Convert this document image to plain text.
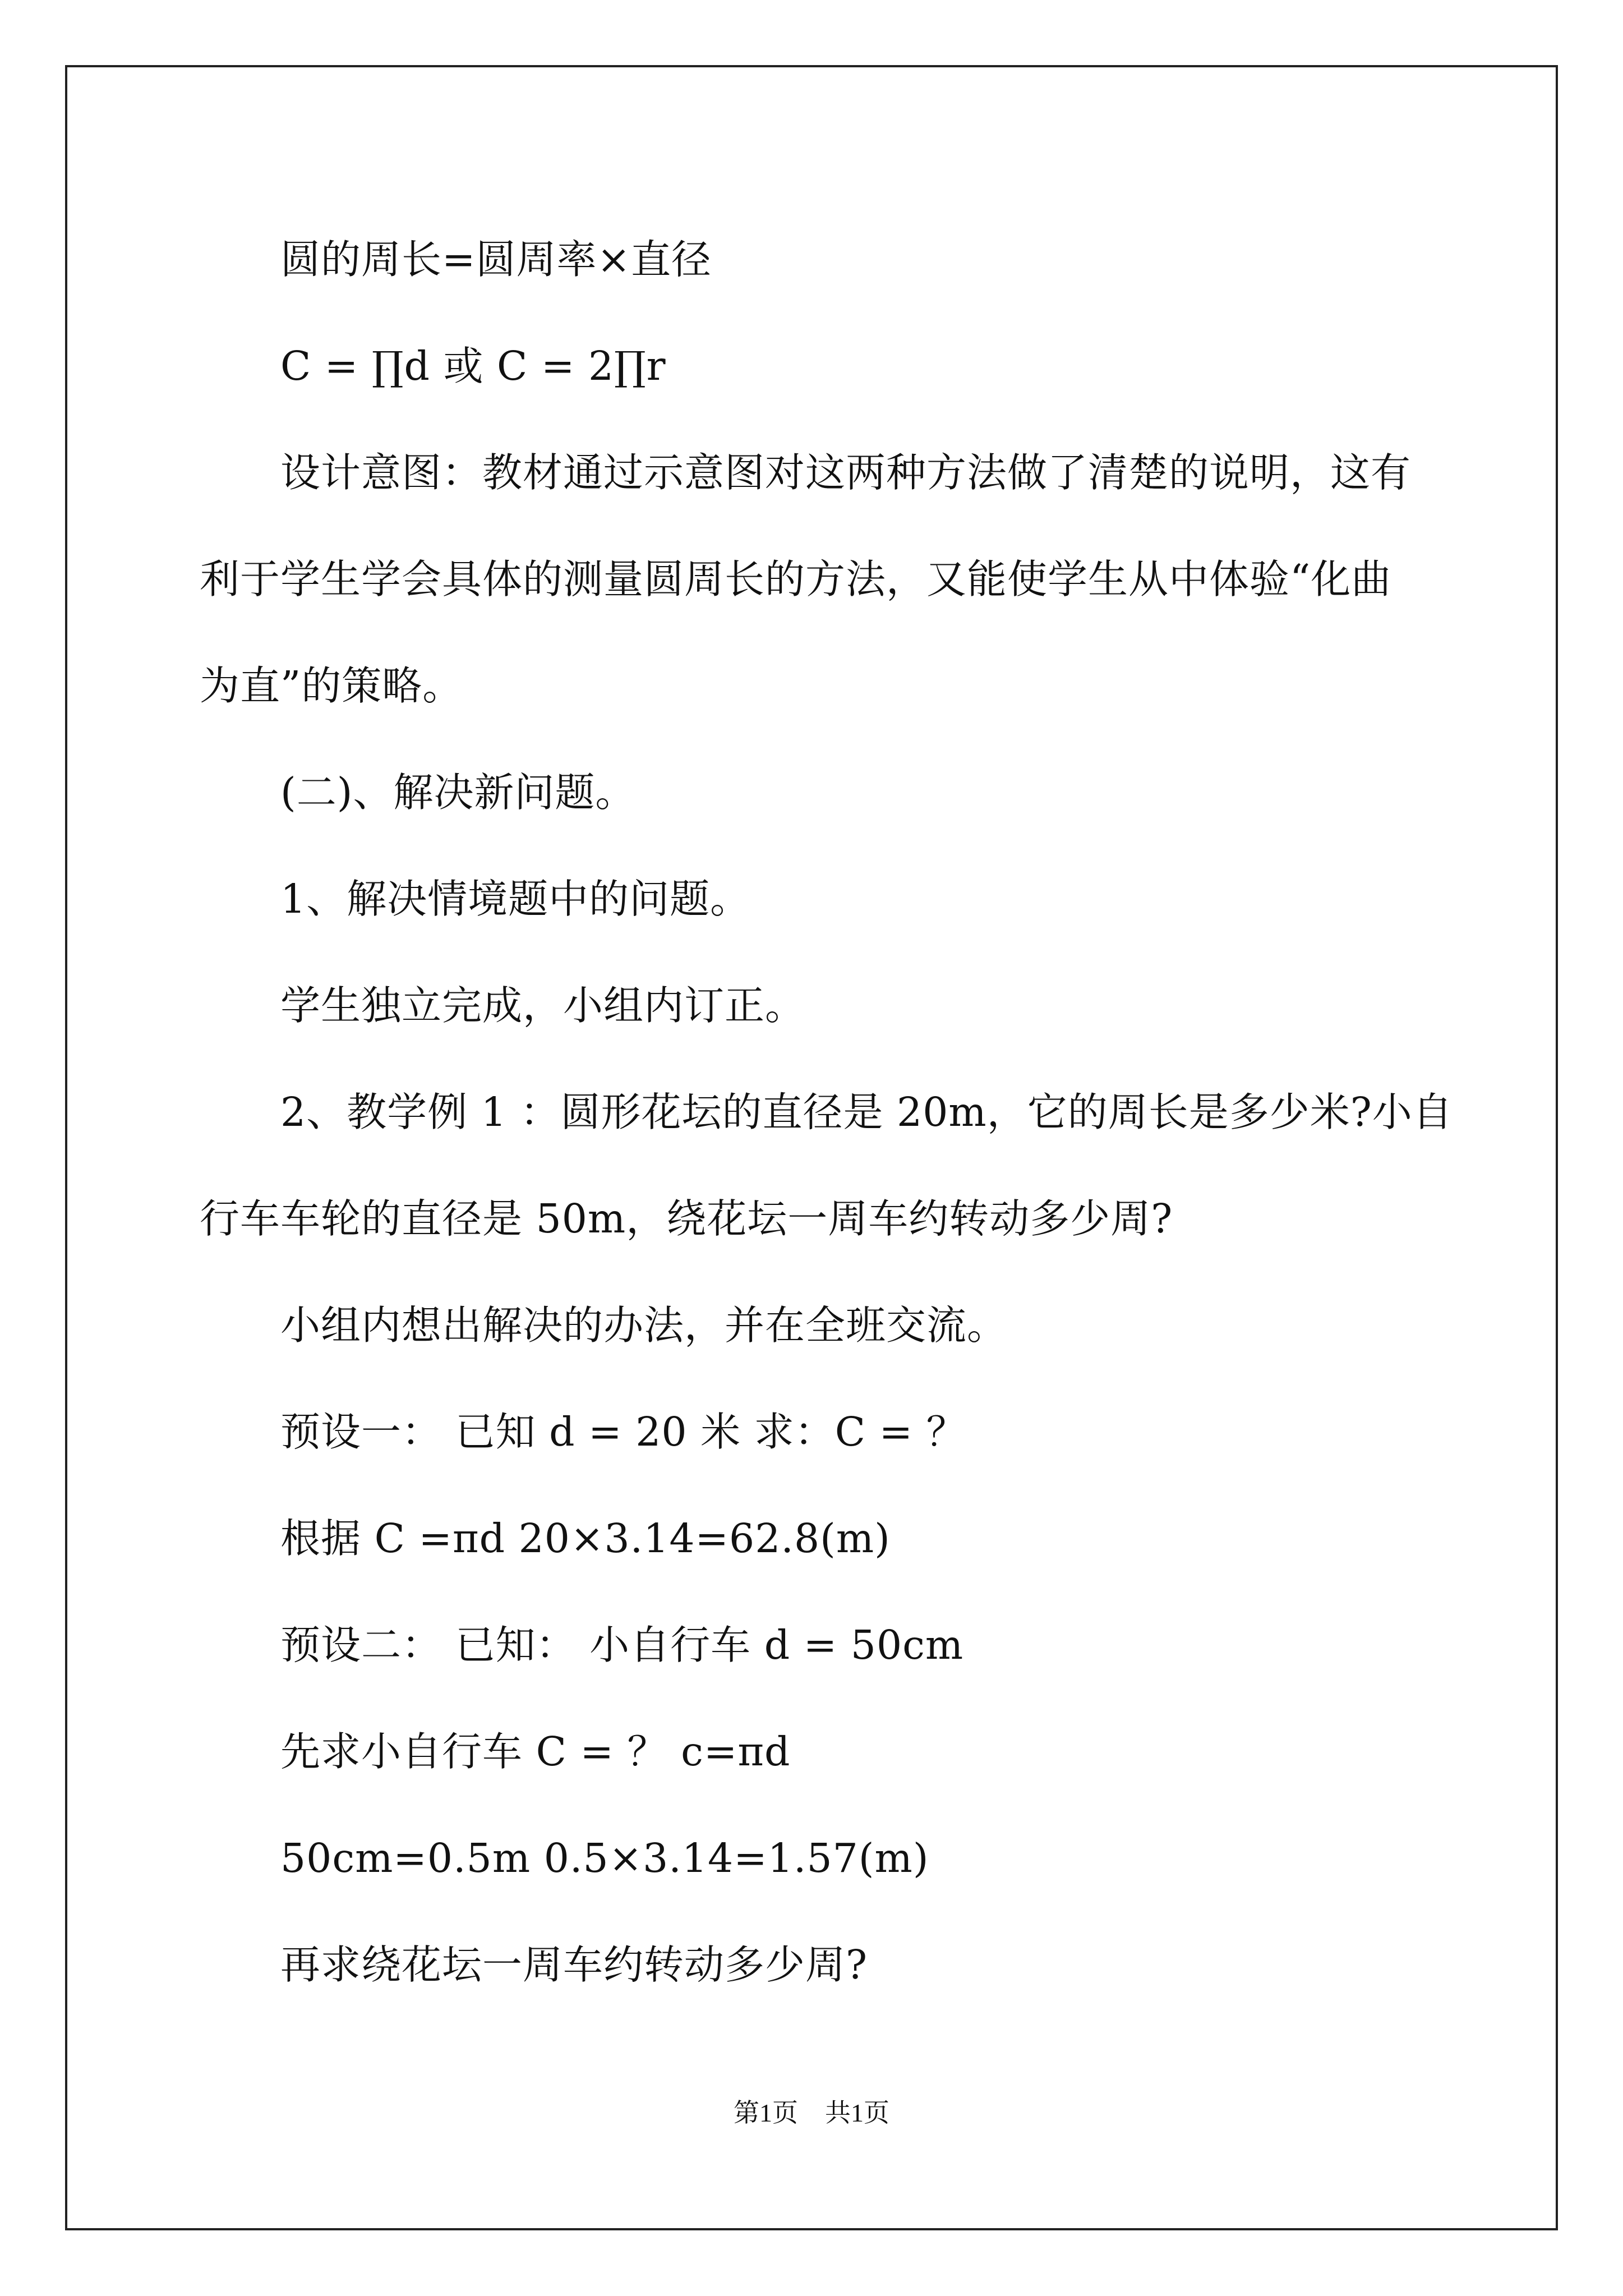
圆的周长=圆周率×直径
C = ∏d 或 C = 2∏r
设计意图：教材通过示意图对这两种方法做了清楚的说明，这有
利于学生学会具体的测量圆周长的方法，又能使学生从中体验“化曲
为直”的策略。
(二)、解决新问题。
1、解决情境题中的问题。
学生独立完成，小组内订正。
2、教学例 1 ：圆形花坛的直径是 20m，它的周长是多少米?小自
行车车轮的直径是 50m，绕花坛一周车约转动多少周?
小组内想出解决的办法，并在全班交流。
预设一： 已知 d = 20 米 求：C = ？
根据 C =πd 20×3.14=62.8(m)
预设二： 已知： 小自行车 d = 50cm
先求小自行车 C = ？ c=πd
50cm=0.5m 0.5×3.14=1.57(m)
再求绕花坛一周车约转动多少周?
第1页 共1页
